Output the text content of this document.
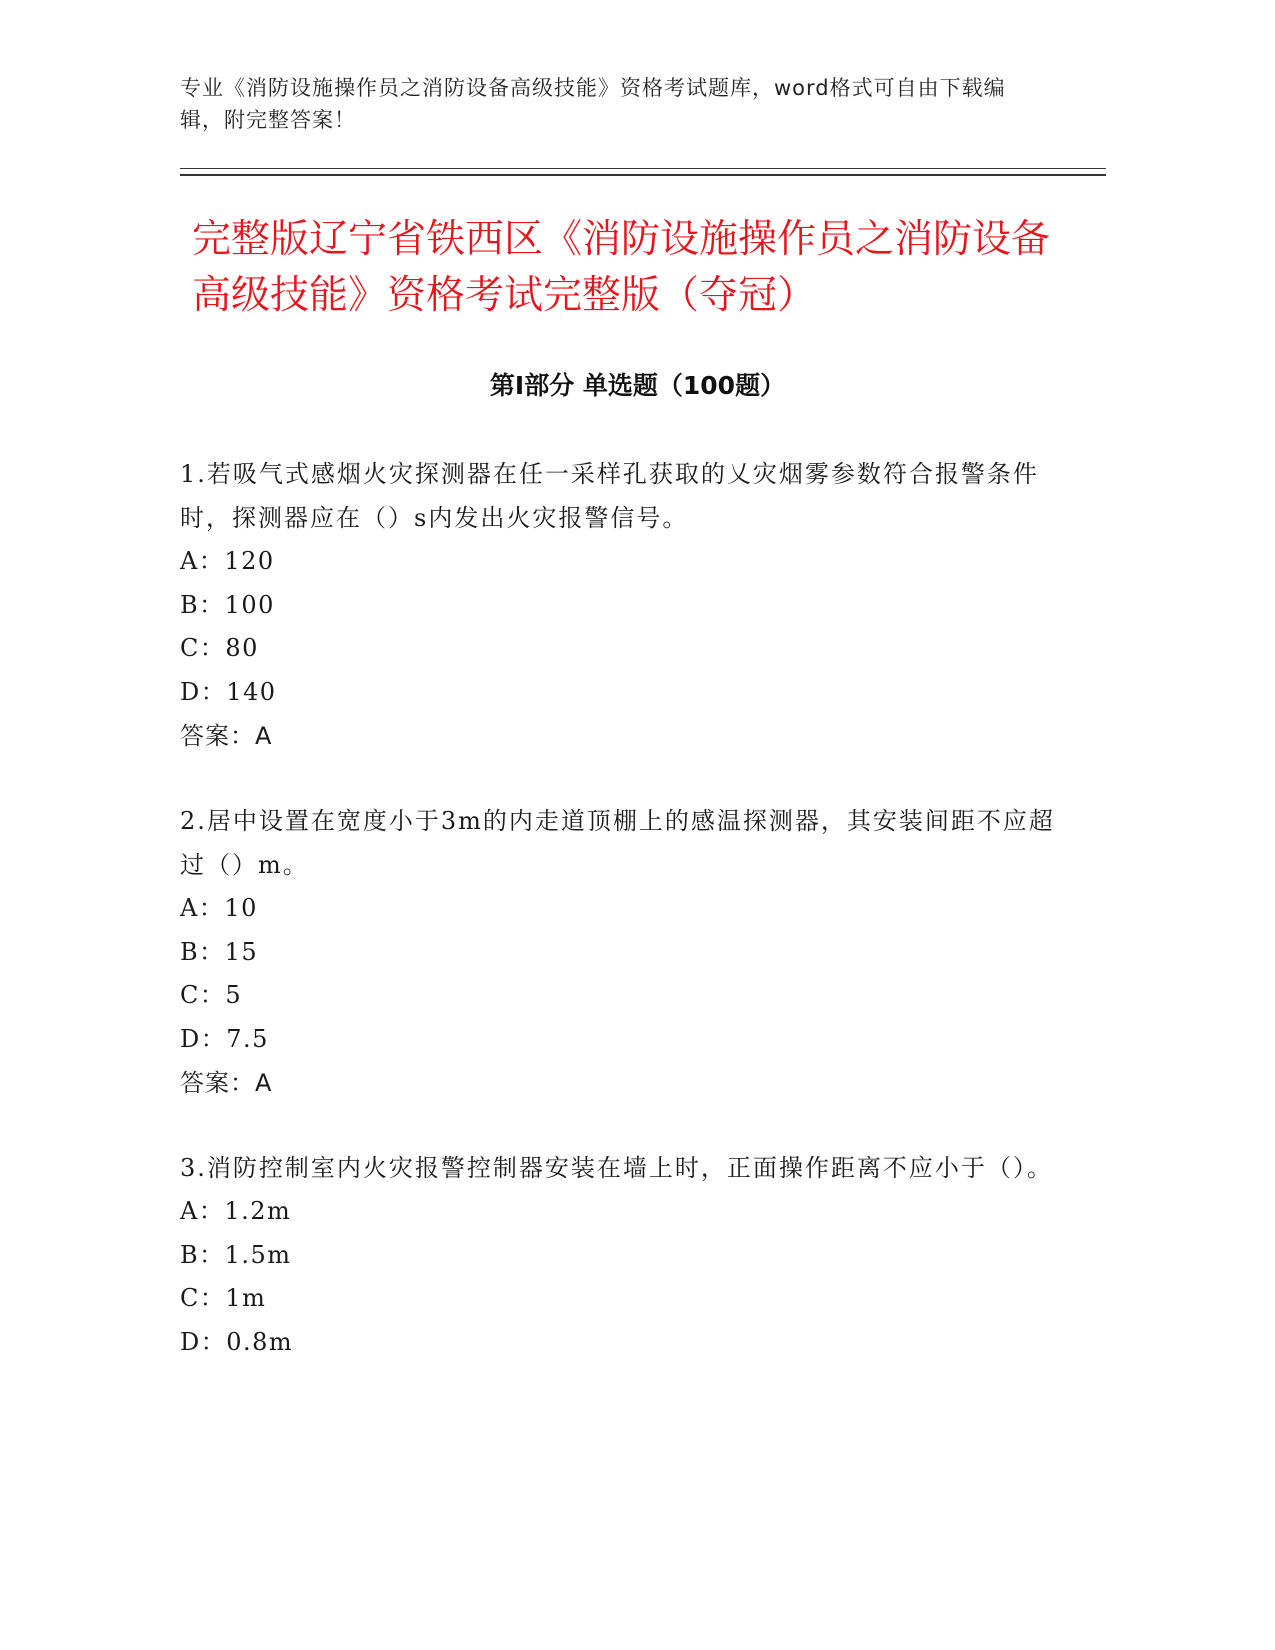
专业《消防设施操作员之消防设备高级技能》资格考试题库，word格式可自由下载编辑，附完整答案！
完整版辽宁省铁西区《消防设施操作员之消防设备高级技能》资格考试完整版（夺冠）
第Ⅰ部分 单选题（100题）

1.若吸气式感烟火灾探测器在任一采样孔获取的乂灾烟雾参数符合报警条件时，探测器应在（）s内发出火灾报警信号。

A：120

B：100

C：80

D：140

答案：A

2.居中设置在宽度小于3m的内走道顶棚上的感温探测器，其安装间距不应超过（）m。

A：10

B：15

C：5

D：7.5

答案：A

3.消防控制室内火灾报警控制器安装在墙上时，正面操作距离不应小于（）。

A：1.2m

B：1.5m

C：1m

D：0.8m
